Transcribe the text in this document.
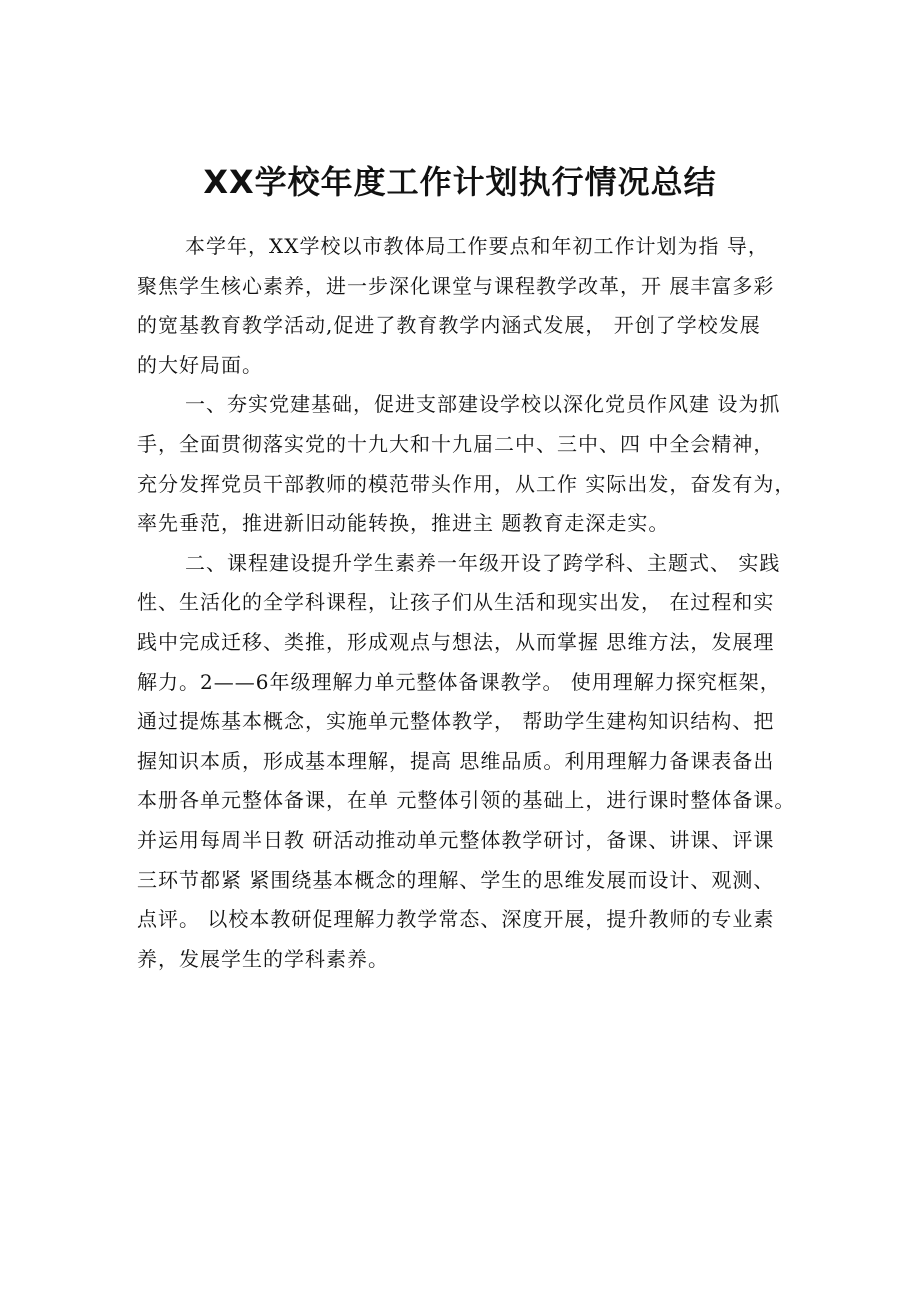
XX学校年度工作计划执行情况总结

本学年，XX学校以市教体局工作要点和年初工作计划为指 导，
聚焦学生核心素养，进一步深化课堂与课程教学改革，开 展丰富多彩
的宽基教育教学活动,促进了教育教学内涵式发展， 开创了学校发展
的大好局面。

一、夯实党建基础，促进支部建设学校以深化党员作风建 设为抓
手，全面贯彻落实党的十九大和十九届二中、三中、四 中全会精神，
充分发挥党员干部教师的模范带头作用，从工作 实际出发，奋发有为，
率先垂范，推进新旧动能转换，推进主 题教育走深走实。

二、课程建设提升学生素养一年级开设了跨学科、主题式、 实践
性、生活化的全学科课程，让孩子们从生活和现实出发， 在过程和实
践中完成迁移、类推，形成观点与想法，从而掌握 思维方法，发展理
解力。2——6年级理解力单元整体备课教学。 使用理解力探究框架，
通过提炼基本概念，实施单元整体教学， 帮助学生建构知识结构、把
握知识本质，形成基本理解，提高 思维品质。利用理解力备课表备出
本册各单元整体备课，在单 元整体引领的基础上，进行课时整体备课。
并运用每周半日教 研活动推动单元整体教学研讨，备课、讲课、评课
三环节都紧 紧围绕基本概念的理解、学生的思维发展而设计、观测、
点评。 以校本教研促理解力教学常态、深度开展，提升教师的专业素
养，发展学生的学科素养。
